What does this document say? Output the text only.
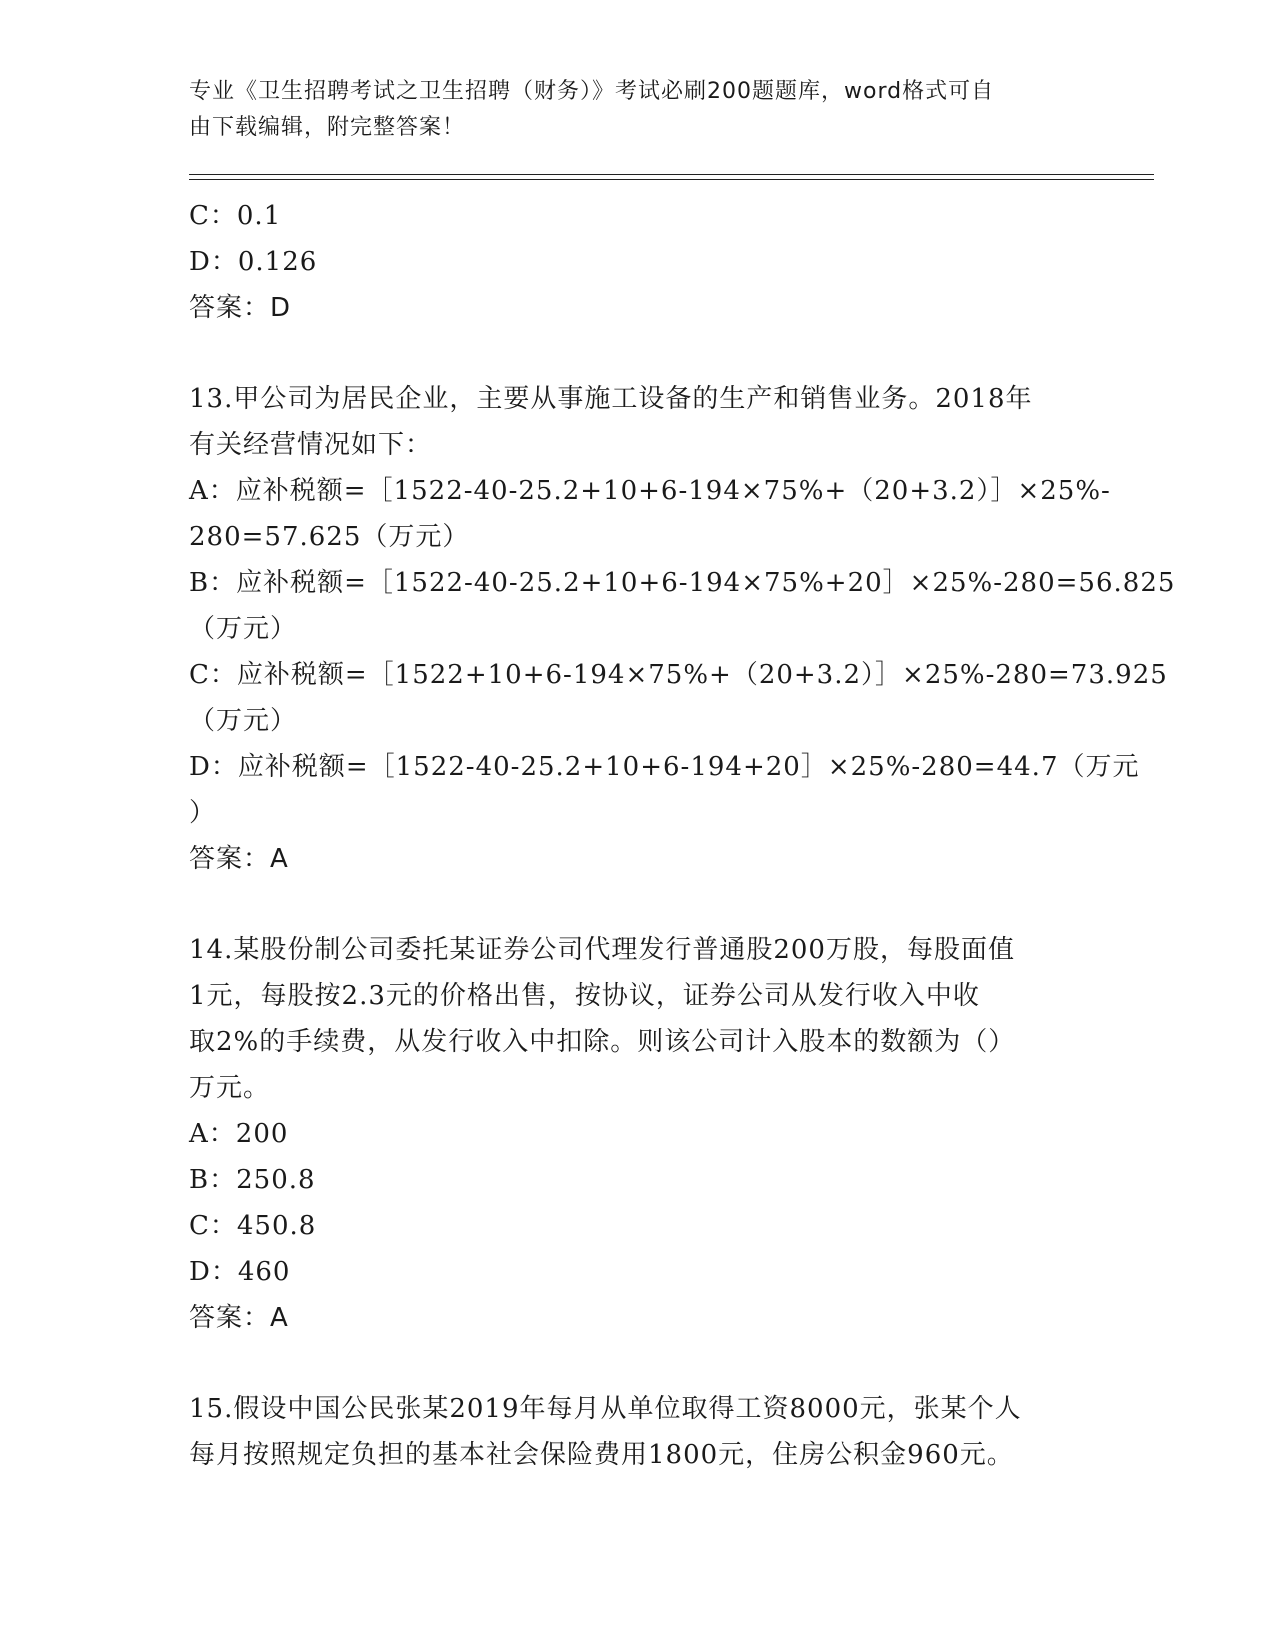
专业《卫生招聘考试之卫生招聘（财务）》考试必刷200题题库，word格式可自
由下载编辑，附完整答案！
C：0.1
D：0.126
答案：D
13.甲公司为居民企业，主要从事施工设备的生产和销售业务。2018年
有关经营情况如下：
A：应补税额=［1522-40-25.2+10+6-194×75%+（20+3.2）］×25%-
280=57.625（万元）
B：应补税额=［1522-40-25.2+10+6-194×75%+20］×25%-280=56.825
（万元）
C：应补税额=［1522+10+6-194×75%+（20+3.2）］×25%-280=73.925
（万元）
D：应补税额=［1522-40-25.2+10+6-194+20］×25%-280=44.7（万元
）
答案：A
14.某股份制公司委托某证券公司代理发行普通股200万股，每股面值
1元，每股按2.3元的价格出售，按协议，证券公司从发行收入中收
取2%的手续费，从发行收入中扣除。则该公司计入股本的数额为（）
万元。
A：200
B：250.8
C：450.8
D：460
答案：A
15.假设中国公民张某2019年每月从单位取得工资8000元，张某个人
每月按照规定负担的基本社会保险费用1800元，住房公积金960元。
